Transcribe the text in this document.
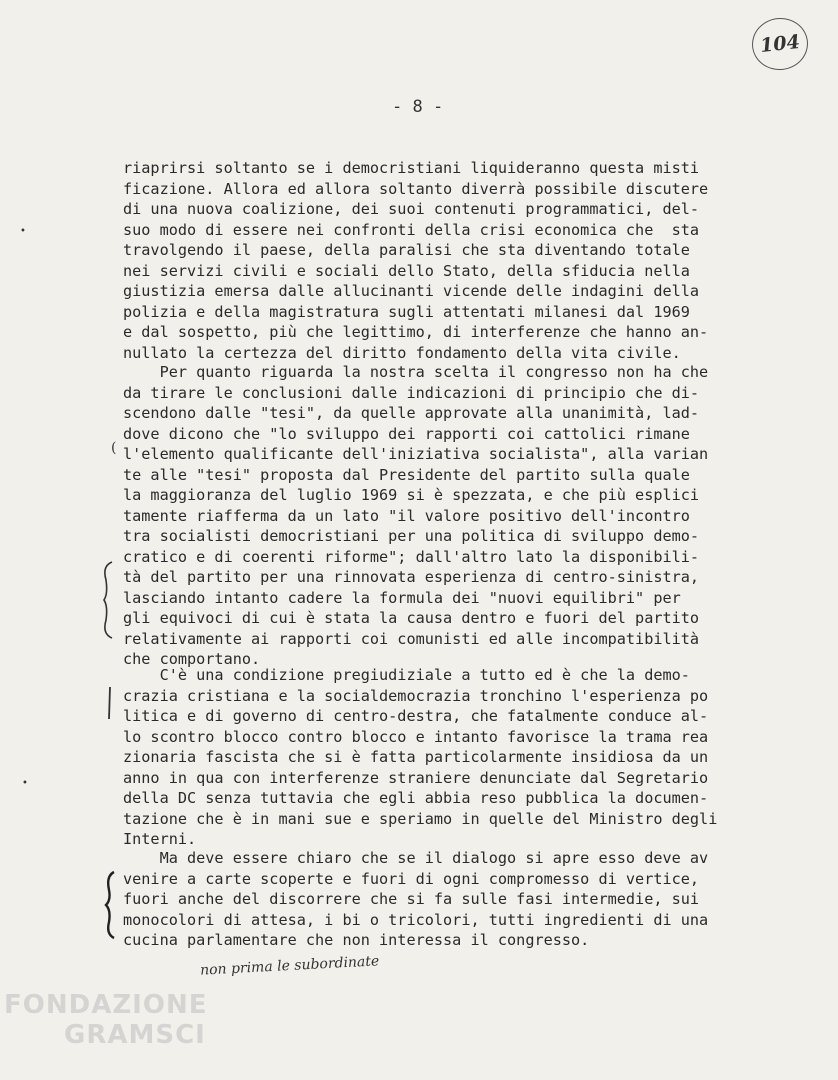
104
- 8 -

riaprirsi soltanto se i democristiani liquideranno questa misti
ficazione. Allora ed allora soltanto diverrà possibile discutere
di una nuova coalizione, dei suoi contenuti programmatici, del-
suo modo di essere nei confronti della crisi economica che  sta
travolgendo il paese, della paralisi che sta diventando totale
nei servizi civili e sociali dello Stato, della sfiducia nella
giustizia emersa dalle allucinanti vicende delle indagini della
polizia e della magistratura sugli attentati milanesi dal 1969
e dal sospetto, più che legittimo, di interferenze che hanno an-
nullato la certezza del diritto fondamento della vita civile.

Per quanto riguarda la nostra scelta il congresso non ha che
da tirare le conclusioni dalle indicazioni di principio che di-
scendono dalle "tesi", da quelle approvate alla unanimità, lad-
dove dicono che "lo sviluppo dei rapporti coi cattolici rimane
l'elemento qualificante dell'iniziativa socialista", alla varian
te alle "tesi" proposta dal Presidente del partito sulla quale
la maggioranza del luglio 1969 si è spezzata, e che più esplici
tamente riafferma da un lato "il valore positivo dell'incontro
tra socialisti democristiani per una politica di sviluppo demo-
cratico e di coerenti riforme"; dall'altro lato la disponibili-
tà del partito per una rinnovata esperienza di centro-sinistra,
lasciando intanto cadere la formula dei "nuovi equilibri" per
gli equivoci di cui è stata la causa dentro e fuori del partito
relativamente ai rapporti coi comunisti ed alle incompatibilità
che comportano.

C'è una condizione pregiudiziale a tutto ed è che la demo-
crazia cristiana e la socialdemocrazia tronchino l'esperienza po
litica e di governo di centro-destra, che fatalmente conduce al-
lo scontro blocco contro blocco e intanto favorisce la trama rea
zionaria fascista che si è fatta particolarmente insidiosa da un
anno in qua con interferenze straniere denunciate dal Segretario
della DC senza tuttavia che egli abbia reso pubblica la documen-
tazione che è in mani sue e speriamo in quelle del Ministro degli
Interni.

Ma deve essere chiaro che se il dialogo si apre esso deve av
venire a carte scoperte e fuori di ogni compromesso di vertice,
fuori anche del discorrere che si fa sulle fasi intermedie, sui
monocolori di attesa, i bi o tricolori, tutti ingredienti di una
cucina parlamentare che non interessa il congresso.

(
•
•
non prima le subordinate
FONDAZIONE
GRAMSCI
